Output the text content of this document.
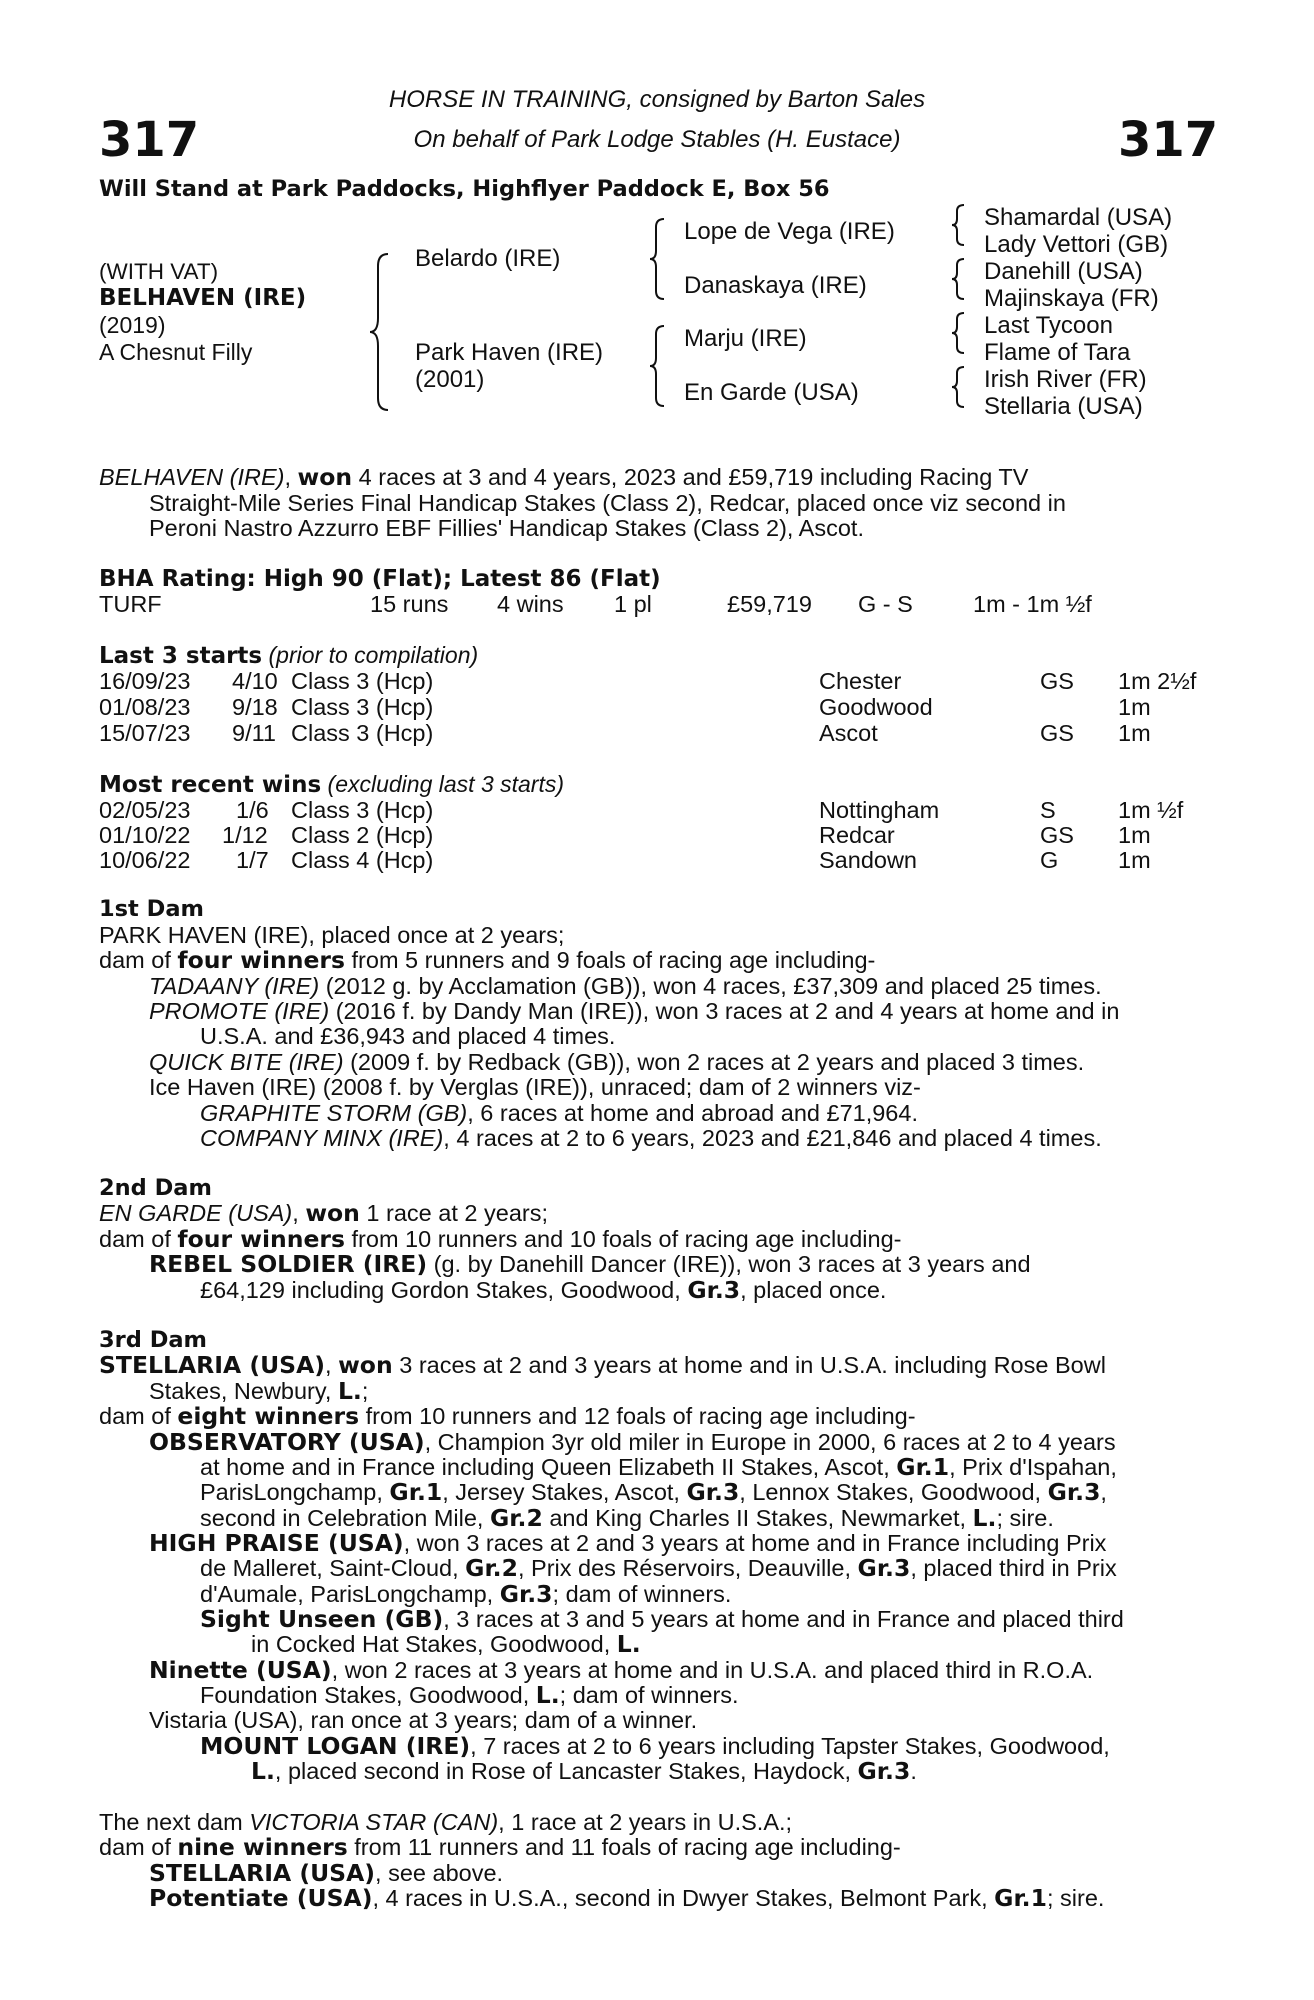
317	317
HORSE IN TRAINING, consigned by Barton Sales
On behalf of Park Lodge Stables (H. Eustace)
Will Stand at Park Paddocks, Highflyer Paddock E, Box 56
(WITH VAT)
BELHAVEN (IRE)
(2019)
A Chesnut Filly
Belardo (IRE)
Park Haven (IRE)
(2001)
Lope de Vega (IRE)
Danaskaya (IRE)
Marju (IRE)
En Garde (USA)
Shamardal (USA)
Lady Vettori (GB)
Danehill (USA)
Majinskaya (FR)
Last Tycoon
Flame of Tara
Irish River (FR)
Stellaria (USA)
BELHAVEN (IRE), won 4 races at 3 and 4 years, 2023 and £59,719 including Racing TV
Straight-Mile Series Final Handicap Stakes (Class 2), Redcar, placed once viz second in
Peroni Nastro Azzurro EBF Fillies' Handicap Stakes (Class 2), Ascot.
BHA Rating: High 90 (Flat); Latest 86 (Flat)
TURF	15 runs 4 wins 1 pl	£59,719 G - S	1m - 1m ½f
Last 3 starts (prior to compilation)
16/09/23 4/10 Class 3 (Hcp)	Chester	GS 1m 2½f
01/08/23 9/18 Class 3 (Hcp)	Goodwood	1m
15/07/23 9/11 Class 3 (Hcp)	Ascot	GS 1m
Most recent wins (excluding last 3 starts)
02/05/23 1/6 Class 3 (Hcp)	Nottingham	S	1m ½f
01/10/22 1/12 Class 2 (Hcp)	Redcar	GS 1m
10/06/22 1/7 Class 4 (Hcp)	Sandown	G	1m
1st Dam
PARK HAVEN (IRE), placed once at 2 years;
dam of four winners from 5 runners and 9 foals of racing age including-
TADAANY (IRE) (2012 g. by Acclamation (GB)), won 4 races, £37,309 and placed 25 times.
PROMOTE (IRE) (2016 f. by Dandy Man (IRE)), won 3 races at 2 and 4 years at home and in
U.S.A. and £36,943 and placed 4 times.
QUICK BITE (IRE) (2009 f. by Redback (GB)), won 2 races at 2 years and placed 3 times.
Ice Haven (IRE) (2008 f. by Verglas (IRE)), unraced; dam of 2 winners viz-
GRAPHITE STORM (GB), 6 races at home and abroad and £71,964.
COMPANY MINX (IRE), 4 races at 2 to 6 years, 2023 and £21,846 and placed 4 times.
2nd Dam
EN GARDE (USA), won 1 race at 2 years;
dam of four winners from 10 runners and 10 foals of racing age including-
REBEL SOLDIER (IRE) (g. by Danehill Dancer (IRE)), won 3 races at 3 years and
£64,129 including Gordon Stakes, Goodwood, Gr.3, placed once.
3rd Dam
STELLARIA (USA), won 3 races at 2 and 3 years at home and in U.S.A. including Rose Bowl
Stakes, Newbury, L.;
dam of eight winners from 10 runners and 12 foals of racing age including-
OBSERVATORY (USA), Champion 3yr old miler in Europe in 2000, 6 races at 2 to 4 years
at home and in France including Queen Elizabeth II Stakes, Ascot, Gr.1, Prix d'Ispahan,
ParisLongchamp, Gr.1, Jersey Stakes, Ascot, Gr.3, Lennox Stakes, Goodwood, Gr.3,
second in Celebration Mile, Gr.2 and King Charles II Stakes, Newmarket, L.; sire.
HIGH PRAISE (USA), won 3 races at 2 and 3 years at home and in France including Prix
de Malleret, Saint-Cloud, Gr.2, Prix des Réservoirs, Deauville, Gr.3, placed third in Prix
d'Aumale, ParisLongchamp, Gr.3; dam of winners.
Sight Unseen (GB), 3 races at 3 and 5 years at home and in France and placed third
in Cocked Hat Stakes, Goodwood, L.
Ninette (USA), won 2 races at 3 years at home and in U.S.A. and placed third in R.O.A.
Foundation Stakes, Goodwood, L.; dam of winners.
Vistaria (USA), ran once at 3 years; dam of a winner.
MOUNT LOGAN (IRE), 7 races at 2 to 6 years including Tapster Stakes, Goodwood,
L., placed second in Rose of Lancaster Stakes, Haydock, Gr.3.
The next dam VICTORIA STAR (CAN), 1 race at 2 years in U.S.A.;
dam of nine winners from 11 runners and 11 foals of racing age including-
STELLARIA (USA), see above.
Potentiate (USA), 4 races in U.S.A., second in Dwyer Stakes, Belmont Park, Gr.1; sire.
